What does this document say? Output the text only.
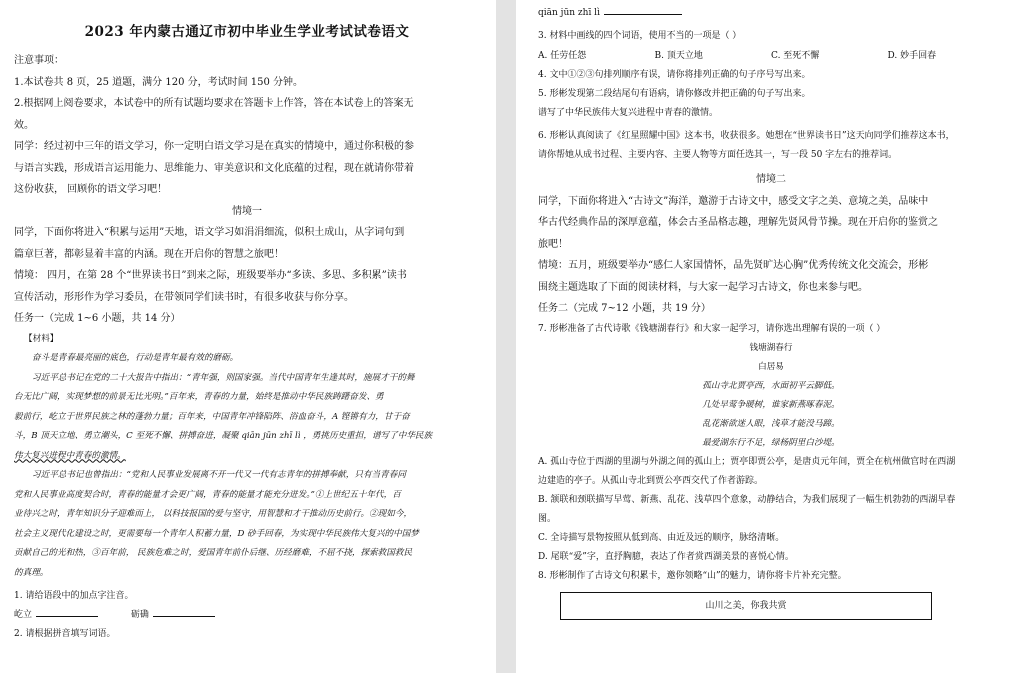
2023 年内蒙古通辽市初中毕业生学业考试试卷语文

注意事项：

1.本试卷共 8 页，25 道题，满分 120 分，考试时间 150 分钟。

2.根据网上阅卷要求，本试卷中的所有试题均要求在答题卡上作答，答在本试卷上的答案无

效。

同学：经过初中三年的语文学习，你一定明白语文学习是在真实的情境中，通过你积极的参

与语言实践，形成语言运用能力、思维能力、审美意识和文化底蕴的过程，现在就请你带着

这份收获， 回顾你的语文学习吧！

情境一

同学，下面你将进入“积累与运用”天地，语文学习如涓涓细流，似积土成山，从字词句到

篇章巨著，都彰显着丰富的内涵。现在开启你的智慧之旅吧！

情境： 四月，在第 28 个“世界读书日”到来之际，班级要举办“多读、多思、多积累”读书

宣传活动，形形作为学习委员，在带领同学们读书时，有很多收获与你分享。

任务一（完成 1~6 小题，共 14 分）

【材料】

奋斗是青春最亮丽的底色，行动是青年最有效的磨砺。

习近平总书记在党的二十大报告中指出：“青年强，则国家强。当代中国青年生逢其时，施展才干的舞

台无比广阔，实现梦想的前景无比光明。”百年来，青春的力量，始终是推动中华民族踌躇奋发、勇

毅前行，屹立于世界民族之林的蓬勃力量；百年来，中国青年冲锋陷阵、浴血奋斗，A 铿锵有力，甘于奋

斗，B 顶天立地、勇立潮头，C 至死不懈、拼搏奋进，凝聚 qiān jūn zhī lì ，勇挑历史重担，谱写了中华民族

伟大复兴进程中青春的激情。

习近平总书记也曾指出：“党和人民事业发展离不开一代又一代有志青年的拼搏奉献，只有当青春同

党和人民事业高度契合时，青春的能量才会更广阔，青春的能量才能充分迸发。”①上世纪五十年代，百

业待兴之时，青年知识分子迎难而上， 以科技报国的爱与坚守，用智慧和才干推动历史前行。②现如今，

社会主义现代化建设之时，更需要每一个青年人积蓄力量，D 砂手回春，为实现中华民族伟大复兴的中国梦

贡献自己的光和热，③百年前， 民族危难之时，爱国青年前仆后继、历经磨难，不屈不挠，探索救国救民

的真理。

1. 请给语段中的加点字注音。

屹立	砺确

2. 请根据拼音填写词语。

qiān jūn zhī lì

3. 材料中画线的四个词语，使用不当的一项是（ ）

A. 任劳任怨	B. 顶天立地	C. 至死不懈	D. 妙手回春

4. 文中①②③句排列顺序有误，请你将排列正确的句子序号写出来。

5. 形彬发现第二段结尾句有语病，请你修改并把正确的句子写出来。

谱写了中华民族伟大复兴进程中青春的激情。

6. 形彬认真阅读了《红星照耀中国》这本书，收获很多。她想在“世界读书日”这天向同学们推荐这本书，

请你帮她从成书过程、主要内容、主要人物等方面任选其一，写一段 50 字左右的推荐词。

情境二

同学，下面你将进入“古诗文”海洋，邀游于古诗文中，感受文字之美、意境之美，品味中

华古代经典作品的深厚意蕴，体会古圣品格志趣，理解先贤风骨节操。现在开启你的鉴赏之

旅吧！

情境：五月，班级要举办“感仁人家国情怀，品先贤旷达心胸”优秀传统文化交流会，形彬

围绕主题选取了下面的阅读材料，与大家一起学习古诗文，你也来参与吧。

任务二（完成 7~12 小题，共 19 分）

7. 形彬准备了古代诗歌《钱塘湖春行》和大家一起学习，请你选出理解有误的一项（ ）

钱塘湖春行

白居易

孤山寺北贾亭西，水面初平云脚低。

几处早莺争暖树，谁家新燕啄春泥。

乱花渐欲迷人眼，浅草才能没马蹄。

最爱湖东行不足，绿杨阴里白沙堤。

A. 孤山寺位于西湖的里湖与外湖之间的孤山上；贾亭即贾公亭，是唐贞元年间，贾全在杭州做官时在西湖

边建造的亭子。从孤山寺北到贾公亭西交代了作者游踪。

B. 颔联和颈联描写早莺、新燕、乱花、浅草四个意象，动静结合，为我们展现了一幅生机勃勃的西湖早春

图。

C. 全诗描写景物按照从低到高、由近及远的顺序，脉络清晰。

D. 尾联“爱”字，直抒胸臆，表达了作者赏西湖美景的喜悦心情。

8. 形彬制作了古诗文句积累卡，邀你领略“山”的魅力，请你将卡片补充完整。

山川之美，你我共赏
